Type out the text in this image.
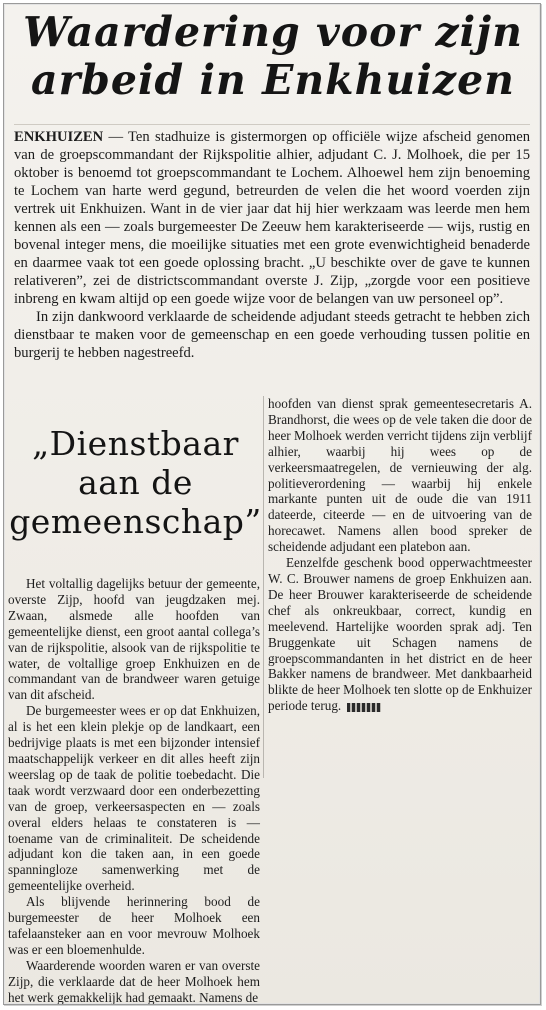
Waardering voor zijn
arbeid in Enkhuizen

ENKHUIZEN — Ten stadhuize is gistermorgen op officiële wijze afscheid genomen van de groepscommandant der Rijkspolitie alhier, adjudant C. J. Molhoek, die per 15 oktober is benoemd tot groepscommandant te Lochem. Alhoewel hem zijn benoeming te Lochem van harte werd gegund, betreurden de velen die het woord voerden zijn vertrek uit Enkhuizen. Want in de vier jaar dat hij hier werkzaam was leerde men hem kennen als een — zoals burgemeester De Zeeuw hem karakteriseerde — wijs, rustig en bovenal integer mens, die moeilijke situaties met een grote evenwichtigheid benaderde en daarmee vaak tot een goede oplossing bracht. „U beschikte over de gave te kunnen relativeren”, zei de districtscommandant overste J. Zijp, „zorgde voor een positieve inbreng en kwam altijd op een goede wijze voor de belangen van uw personeel op”.

In zijn dankwoord verklaarde de scheidende adjudant steeds getracht te hebben zich dienstbaar te maken voor de gemeenschap en een goede verhouding tussen politie en burgerij te hebben nagestreefd.

„Dienstbaar aan de gemeenschap”

Het voltallig dagelijks betuur der gemeente, overste Zijp, hoofd van jeugdzaken mej. Zwaan, alsmede alle hoofden van gemeentelijke dienst, een groot aantal collega’s van de rijkspolitie, alsook van de rijkspolitie te water, de voltallige groep Enkhuizen en de commandant van de brandweer waren getuige van dit afscheid.

De burgemeester wees er op dat Enkhuizen, al is het een klein plekje op de landkaart, een bedrijvige plaats is met een bijzonder intensief maatschappelijk verkeer en dit alles heeft zijn weerslag op de taak de politie toebedacht. Die taak wordt verzwaard door een onderbezetting van de groep, verkeersaspecten en — zoals overal elders helaas te constateren is — toename van de criminaliteit. De scheidende adjudant kon die taken aan, in een goede spanningloze samenwerking met de gemeentelijke overheid.

Als blijvende herinnering bood de burgemeester de heer Molhoek een tafelaansteker aan en voor mevrouw Molhoek was er een bloemenhulde.

Waarderende woorden waren er van overste Zijp, die verklaarde dat de heer Molhoek hem het werk gemakkelijk had gemaakt. Namens de

hoofden van dienst sprak gemeentesecretaris A. Brandhorst, die wees op de vele taken die door de heer Molhoek werden verricht tijdens zijn verblijf alhier, waarbij hij wees op de verkeersmaatregelen, de vernieuwing der alg. politieverordening — waarbij hij enkele markante punten uit de oude die van 1911 dateerde, citeerde — en de uitvoering van de horecawet. Namens allen bood spreker de scheidende adjudant een platebon aan.

Eenzelfde geschenk bood opperwachtmeester W. C. Brouwer namens de groep Enkhuizen aan. De heer Brouwer karakteriseerde de scheidende chef als onkreukbaar, correct, kundig en meelevend. Hartelijke woorden sprak adj. Ten Bruggenkate uit Schagen namens de groepscommandanten in het district en de heer Bakker namens de brandweer. Met dankbaarheid blikte de heer Molhoek ten slotte op de Enkhuizer periode terug.
